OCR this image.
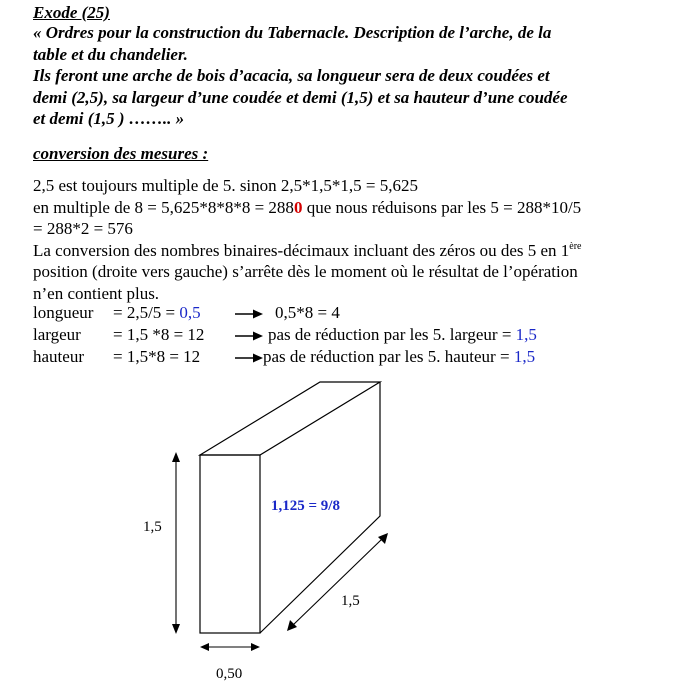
Exode (25)
« Ordres pour la construction du Tabernacle. Description de l’arche, de la
table et du chandelier.
Ils feront une arche de bois d’acacia, sa longueur sera de deux coudées et
demi (2,5), sa largeur d’une coudée et demi (1,5) et sa hauteur d’une coudée
et demi (1,5 ) …….. »
conversion des mesures :
2,5 est toujours multiple de 5. sinon 2,5*1,5*1,5 = 5,625
en multiple de 8 = 5,625*8*8*8 = 2880 que nous réduisons par les 5 = 288*10/5
= 288*2 = 576
La conversion des nombres binaires-décimaux incluant des zéros ou des 5 en 1ère
position (droite vers gauche) s’arrête dès le moment où le résultat de l’opération
n’en contient plus.
longueur = 2,5/5 = 0,5	0,5*8 = 4
largeur = 1,5 *8 = 12	pas de réduction par les 5. largeur = 1,5
hauteur = 1,5*8 = 12	pas de réduction par les 5. hauteur = 1,5
1,5
1,5
0,50
1,125 = 9/8
